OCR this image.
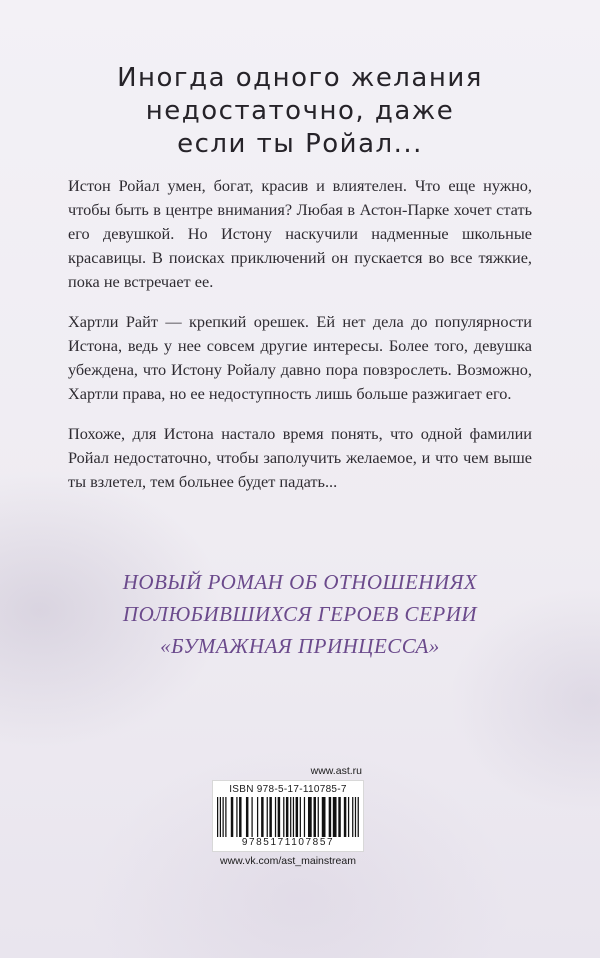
Иногда одного желания
недостаточно, даже
если ты Ройал...

Истон Ройал умен, богат, красив и влиятелен. Что еще нужно, чтобы быть в центре внимания? Любая в Астон-Парке хочет стать его девушкой. Но Истону наскучили надменные школьные красавицы. В поисках приключений он пускается во все тяжкие, пока не встречает ее.

Хартли Райт — крепкий орешек. Ей нет дела до популярности Истона, ведь у нее совсем другие интересы. Более того, девушка убеждена, что Истону Ройалу давно пора повзрослеть. Возможно, Хартли права, но ее недоступность лишь больше разжигает его.

Похоже, для Истона настало время понять, что одной фамилии Ройал недостаточно, чтобы заполучить желаемое, и что чем выше ты взлетел, тем больнее будет падать...

НОВЫЙ РОМАН ОБ ОТНОШЕНИЯХ
ПОЛЮБИВШИХСЯ ГЕРОЕВ СЕРИИ
«БУМАЖНАЯ ПРИНЦЕССА»
www.ast.ru
ISBN 978-5-17-110785-7
9785171107857
www.vk.com/ast_mainstream
